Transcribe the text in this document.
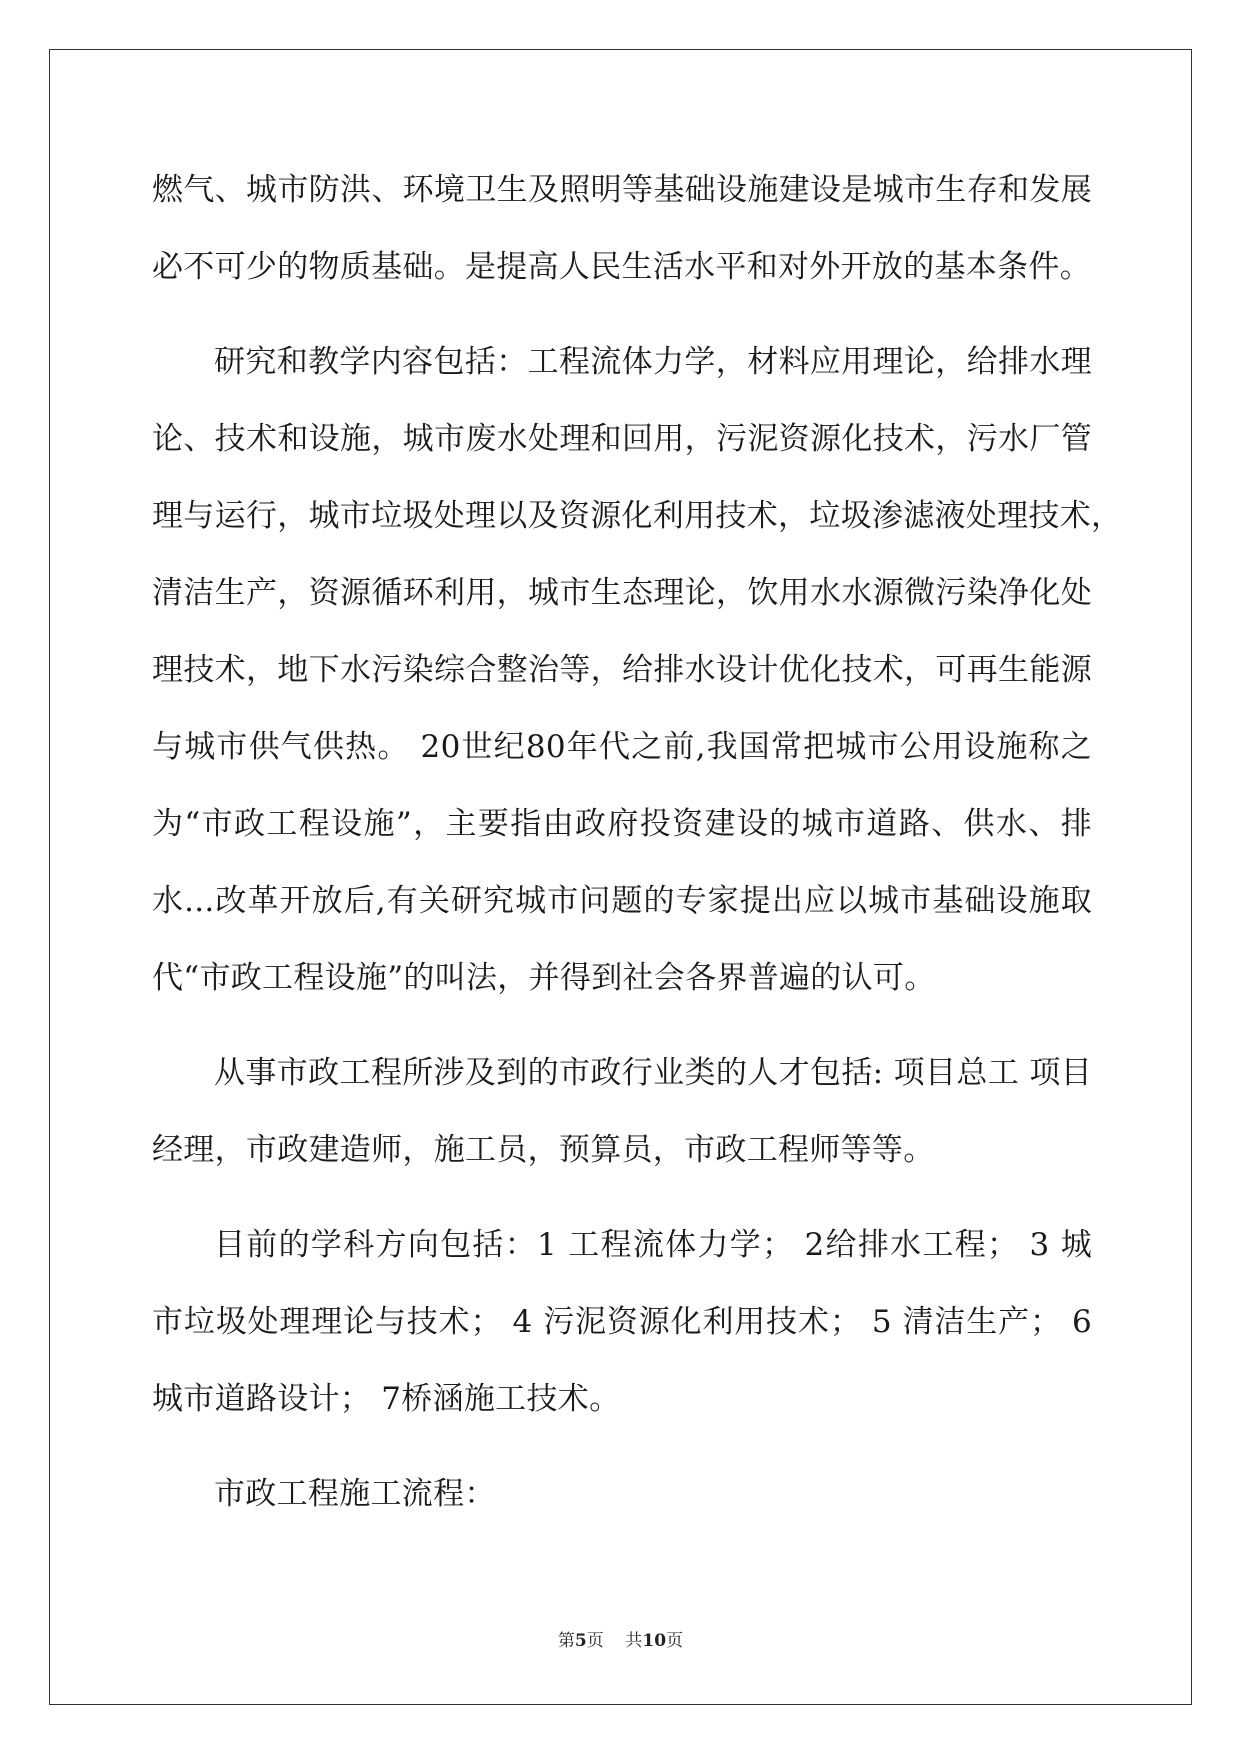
燃气、城市防洪、环境卫生及照明等基础设施建设是城市生存和发展
必不可少的物质基础。是提高人民生活水平和对外开放的基本条件。
研究和教学内容包括：工程流体力学，材料应用理论，给排水理
论、技术和设施，城市废水处理和回用，污泥资源化技术，污水厂管
理与运行，城市垃圾处理以及资源化利用技术，垃圾渗滤液处理技术，
清洁生产，资源循环利用，城市生态理论，饮用水水源微污染净化处
理技术，地下水污染综合整治等，给排水设计优化技术，可再生能源
与城市供气供热。 20世纪80年代之前,我国常把城市公用设施称之
为“市政工程设施”，主要指由政府投资建设的城市道路、供水、排
水...改革开放后,有关研究城市问题的专家提出应以城市基础设施取
代“市政工程设施”的叫法，并得到社会各界普遍的认可。
从事市政工程所涉及到的市政行业类的人才包括: 项目总工 项目
经理，市政建造师，施工员，预算员，市政工程师等等。
目前的学科方向包括：1 工程流体力学； 2给排水工程； 3 城
市垃圾处理理论与技术； 4 污泥资源化利用技术； 5 清洁生产； 6
城市道路设计； 7桥涵施工技术。
市政工程施工流程：
第5页 共10页
